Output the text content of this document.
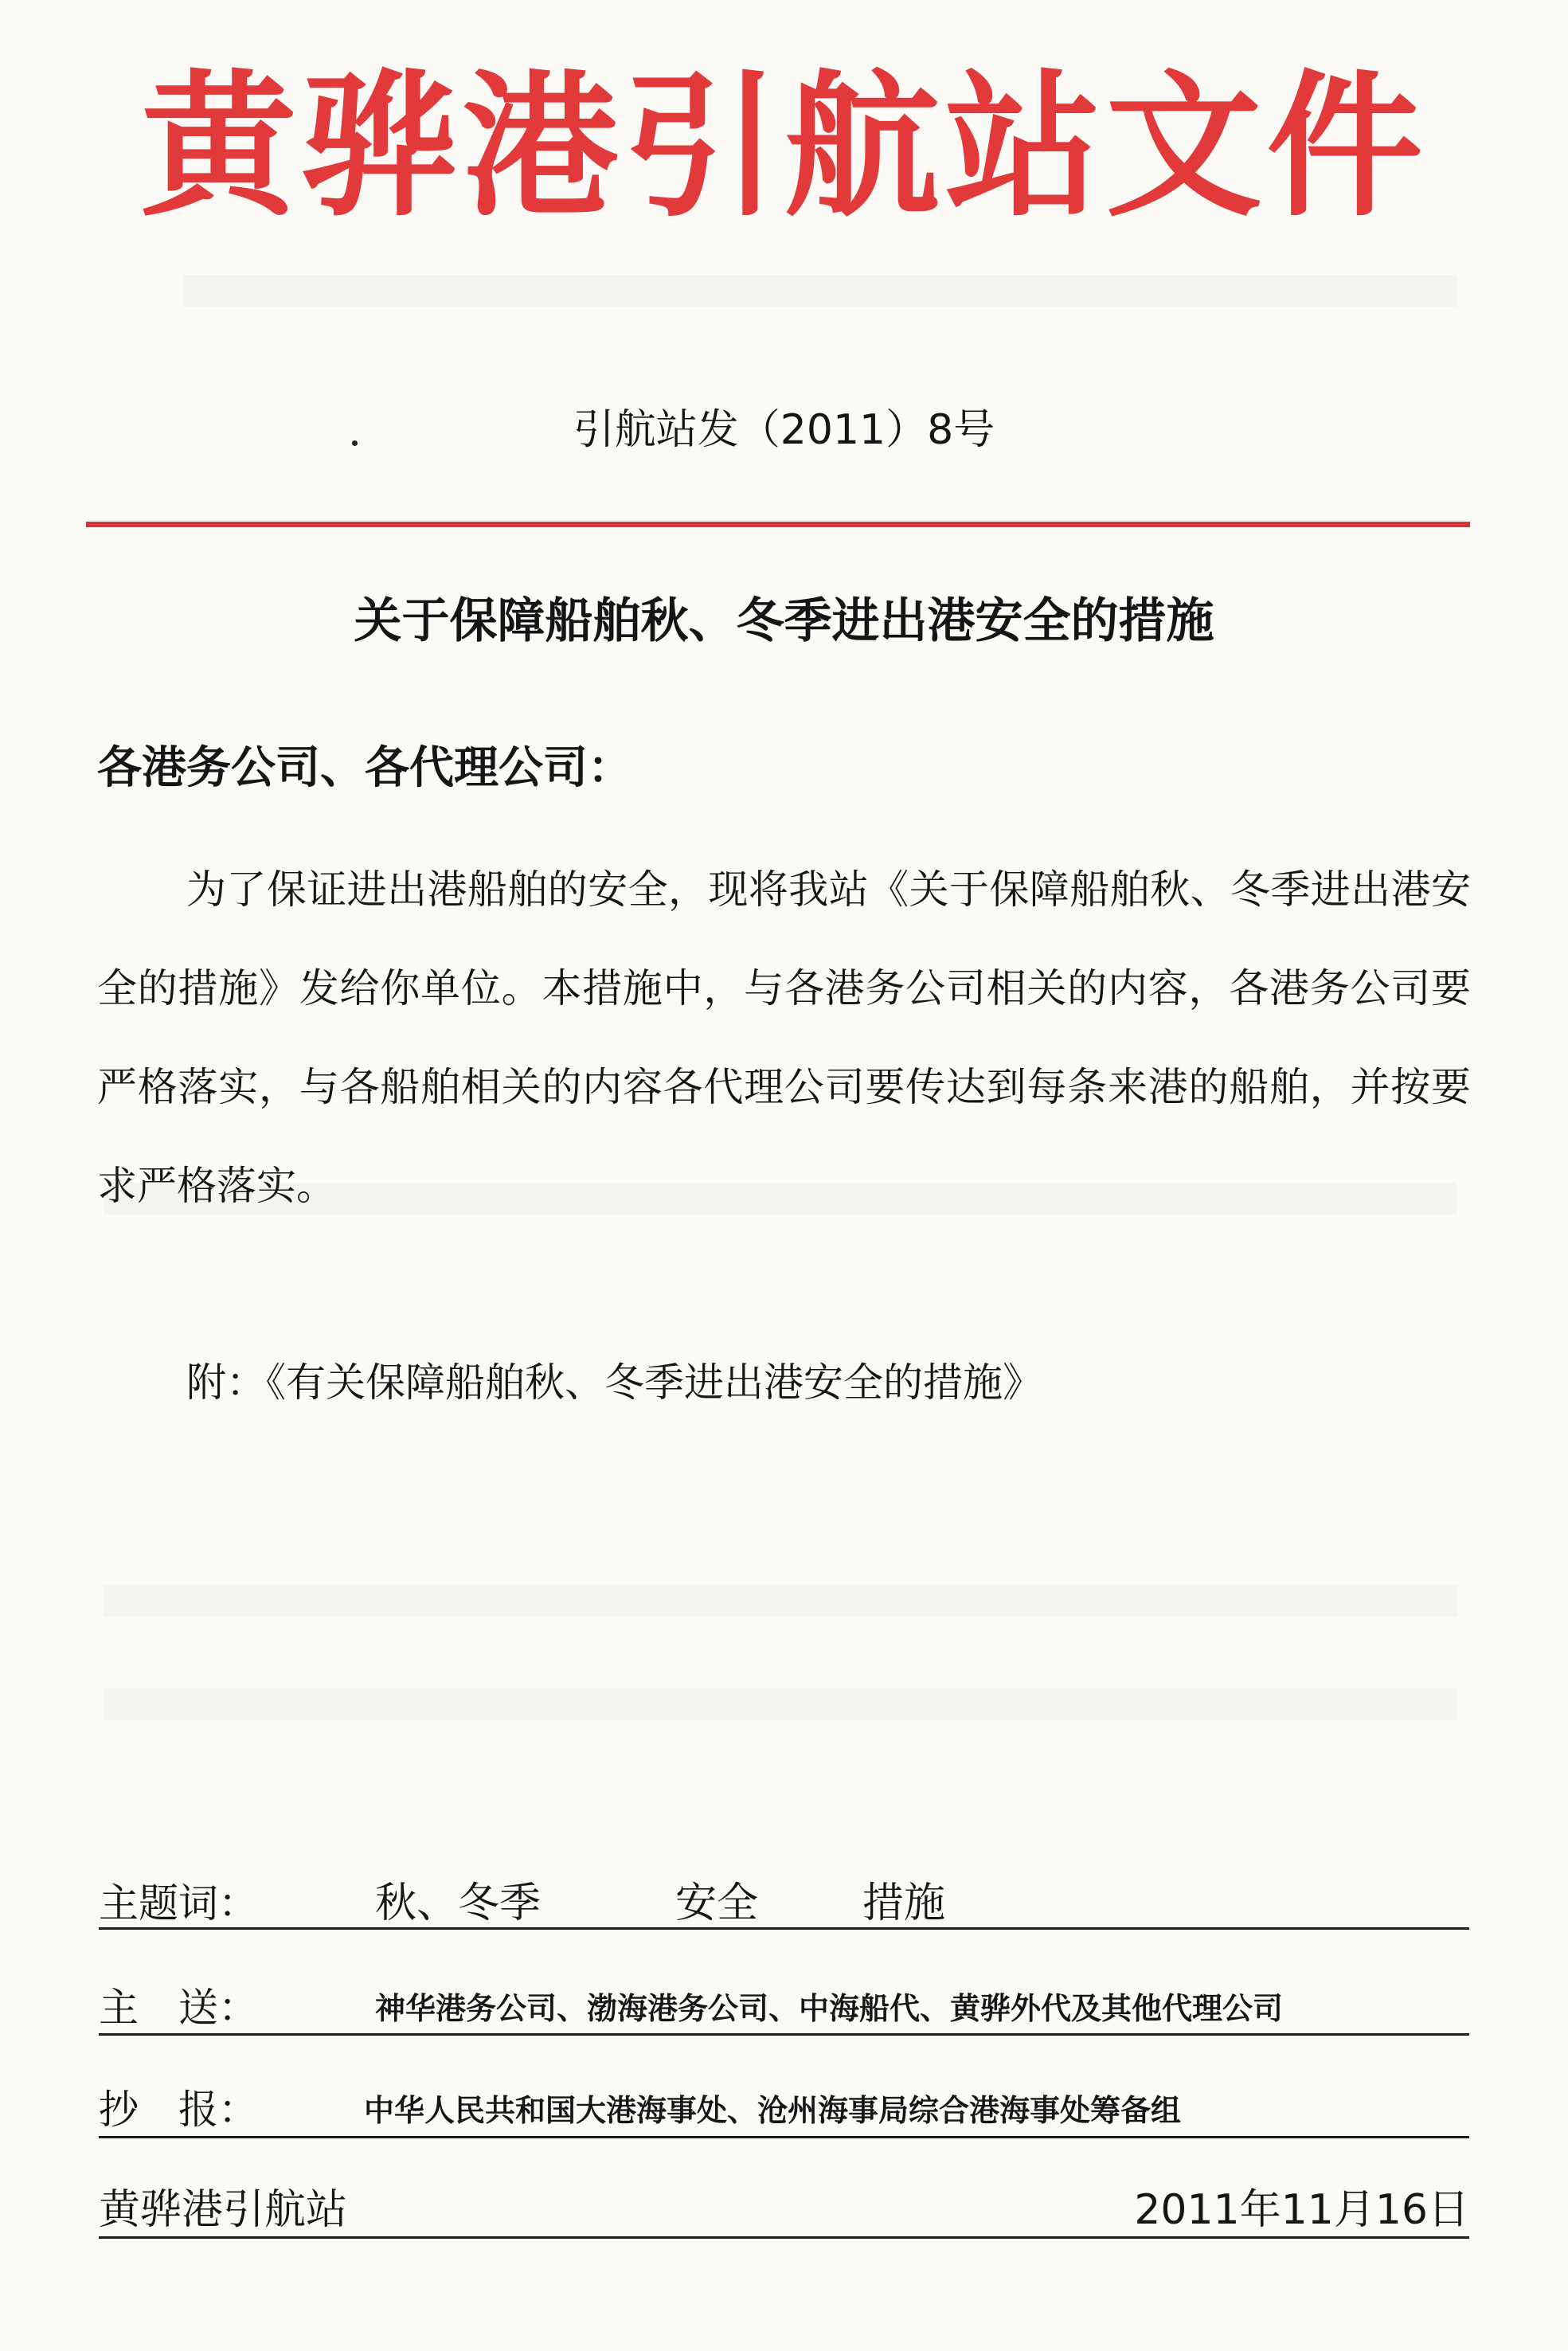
黄骅港引航站文件
引航站发（2011）8号
关于保障船舶秋、冬季进出港安全的措施
各港务公司、各代理公司：
为了保证进出港船舶的安全，现将我站《关于保障船舶秋、冬季进出港安全的措施》发给你单位。本措施中，与各港务公司相关的内容，各港务公司要严格落实，与各船舶相关的内容各代理公司要传达到每条来港的船舶，并按要求严格落实。
附：《有关保障船舶秋、冬季进出港安全的措施》
主题词：	秋、冬季	安全	措施
主　送：	神华港务公司、渤海港务公司、中海船代、黄骅外代及其他代理公司
抄　报：	中华人民共和国大港海事处、沧州海事局综合港海事处筹备组
黄骅港引航站	2011年11月16日
